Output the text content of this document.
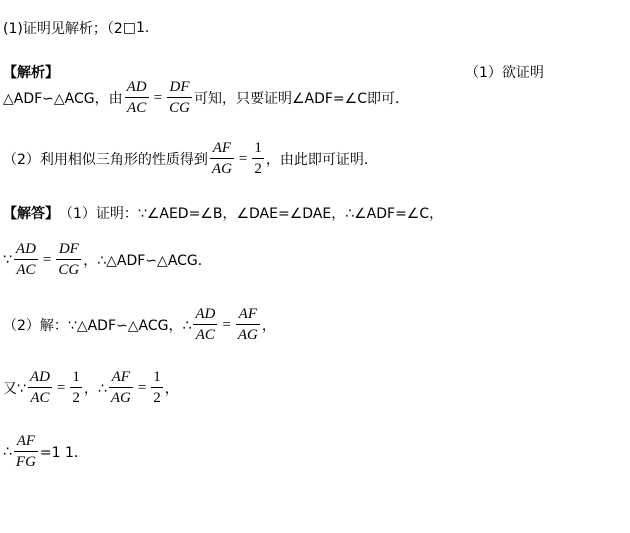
(1)证明见解析；（2 □ 1.
【解析】	（1）欲证明
△ADF∽△ACG，由 $\frac{AD}{AC} = \frac{DF}{CG}$ 可知，只要证明∠ADF=∠C即可．
（2）利用相似三角形的性质得到 $\frac{AF}{AG} = \frac{1}{2}$ ，由此即可证明．
【解答】 （1）证明：∵∠AED=∠B，∠DAE=∠DAE，∴∠ADF=∠C，
∵ $\frac{AD}{AC} = \frac{DF}{CG}$ ，∴△ADF∽△ACG．
（2）解：∵△ADF∽△ACG，∴ $\frac{AD}{AC} = \frac{AF}{AG}$ ，
又∵ $\frac{AD}{AC} = \frac{1}{2}$ ，∴ $\frac{AF}{AG} = \frac{1}{2}$ ，
∴ $\frac{AF}{FG} =1$ 1．
